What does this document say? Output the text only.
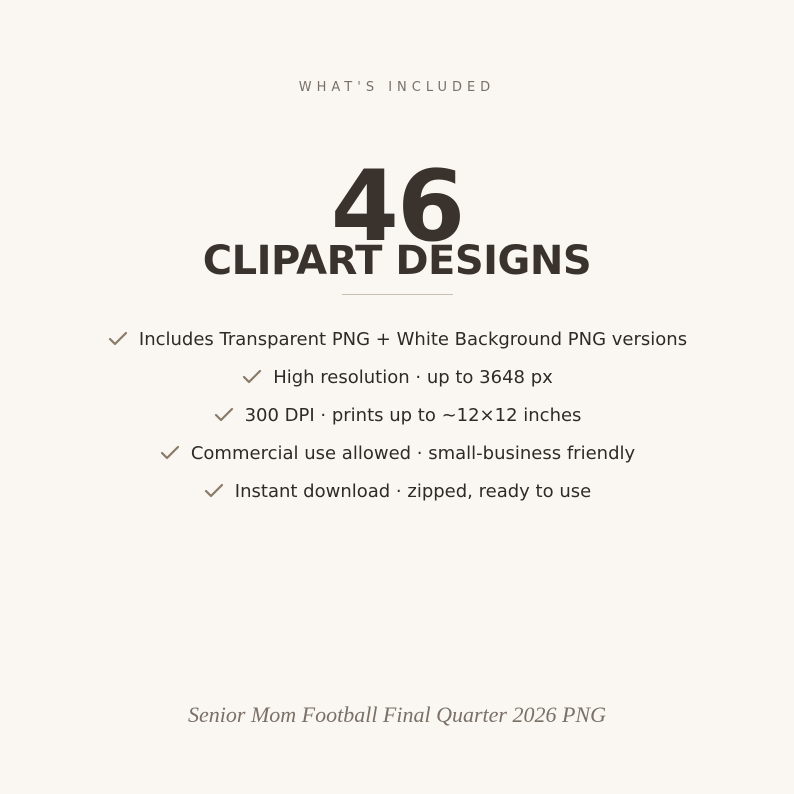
WHAT'S INCLUDED
46
CLIPART DESIGNS
Includes Transparent PNG + White Background PNG versions
High resolution · up to 3648 px
300 DPI · prints up to ~12×12 inches
Commercial use allowed · small-business friendly
Instant download · zipped, ready to use
Senior Mom Football Final Quarter 2026 PNG
